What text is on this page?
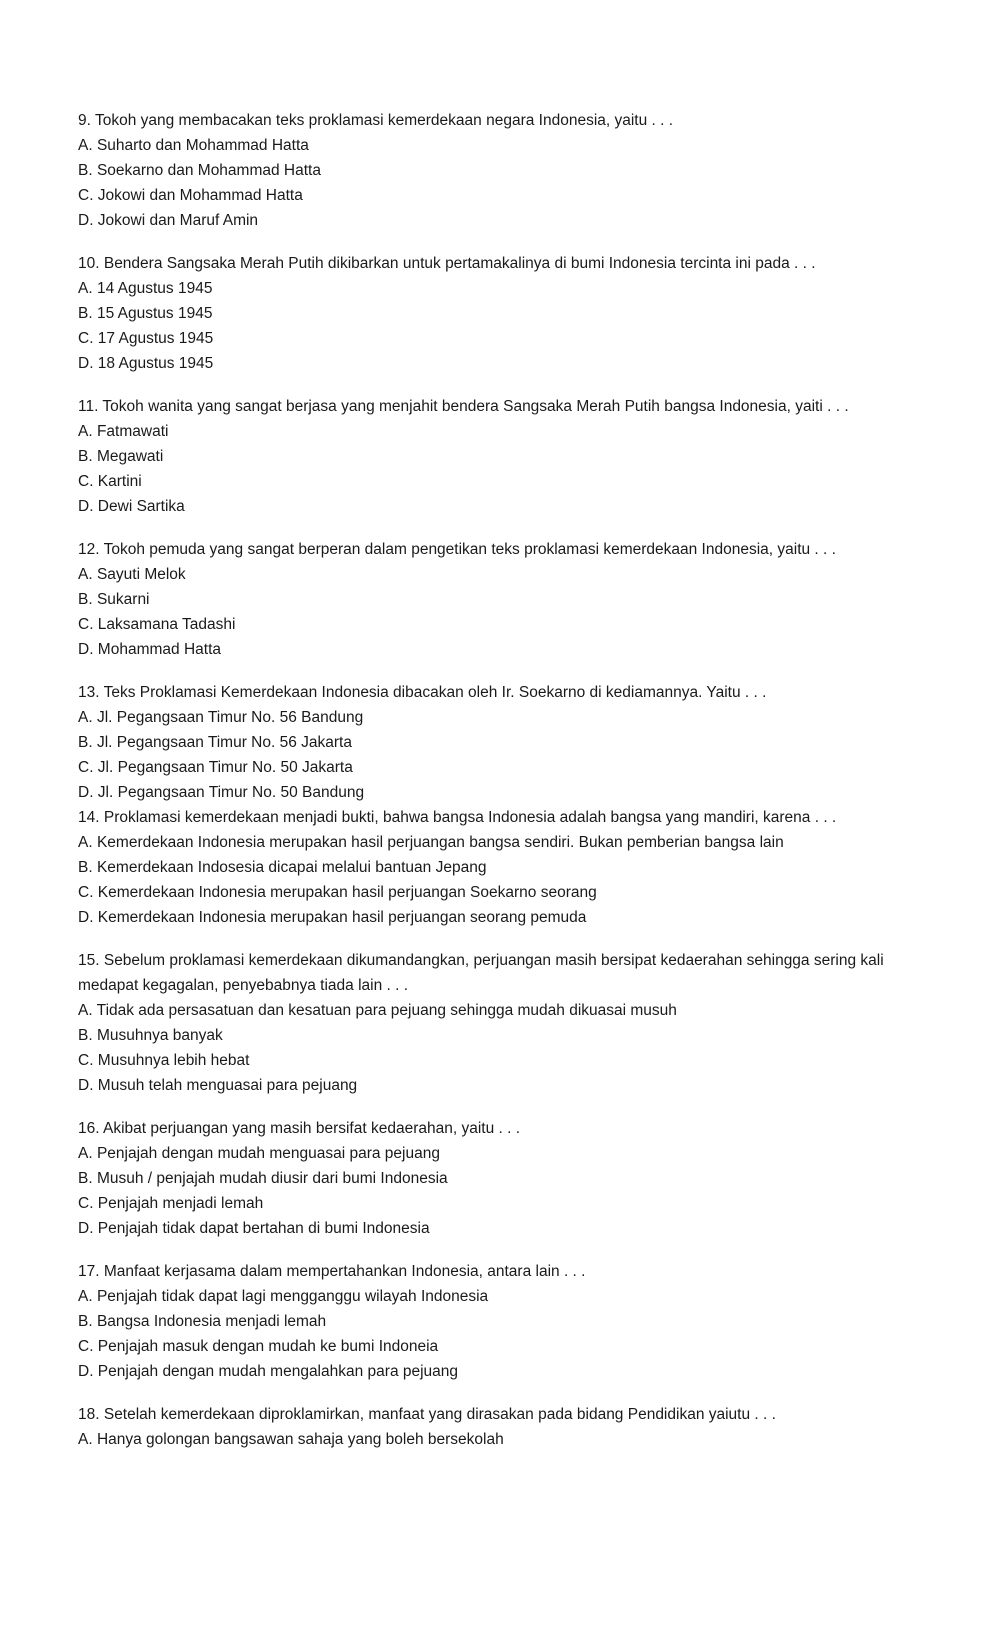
9. Tokoh yang membacakan teks proklamasi kemerdekaan negara Indonesia, yaitu . . .
A. Suharto dan Mohammad Hatta
B. Soekarno dan Mohammad Hatta
C. Jokowi dan Mohammad Hatta
D. Jokowi dan Maruf Amin
10. Bendera Sangsaka Merah Putih dikibarkan untuk pertamakalinya di bumi Indonesia tercinta ini pada . . .
A. 14 Agustus 1945
B. 15 Agustus 1945
C. 17 Agustus 1945
D. 18 Agustus 1945
11. Tokoh wanita yang sangat berjasa yang menjahit bendera Sangsaka Merah Putih bangsa Indonesia, yaiti . . .
A. Fatmawati
B. Megawati
C. Kartini
D. Dewi Sartika
12. Tokoh pemuda yang sangat berperan dalam pengetikan teks proklamasi kemerdekaan Indonesia, yaitu . . .
A. Sayuti Melok
B. Sukarni
C. Laksamana Tadashi
D. Mohammad Hatta
13. Teks Proklamasi Kemerdekaan Indonesia dibacakan oleh Ir. Soekarno di kediamannya. Yaitu . . .
A. Jl. Pegangsaan Timur No. 56 Bandung
B. Jl. Pegangsaan Timur No. 56 Jakarta
C. Jl. Pegangsaan Timur No. 50 Jakarta
D. Jl. Pegangsaan Timur No. 50 Bandung
14. Proklamasi kemerdekaan menjadi bukti, bahwa bangsa Indonesia adalah bangsa yang mandiri, karena . . .
A. Kemerdekaan Indonesia merupakan hasil perjuangan bangsa sendiri. Bukan pemberian bangsa lain
B. Kemerdekaan Indosesia dicapai melalui bantuan Jepang
C. Kemerdekaan Indonesia merupakan hasil perjuangan Soekarno seorang
D. Kemerdekaan Indonesia merupakan hasil perjuangan seorang pemuda
15. Sebelum proklamasi kemerdekaan dikumandangkan, perjuangan masih bersipat kedaerahan sehingga sering kali medapat kegagalan, penyebabnya tiada lain . . .
A. Tidak ada persasatuan dan kesatuan para pejuang sehingga mudah dikuasai musuh
B. Musuhnya banyak
C. Musuhnya lebih hebat
D. Musuh telah menguasai para pejuang
16. Akibat perjuangan yang masih bersifat kedaerahan, yaitu . . .
A. Penjajah dengan mudah menguasai para pejuang
B. Musuh / penjajah mudah diusir dari bumi Indonesia
C. Penjajah menjadi lemah
D. Penjajah tidak dapat bertahan di bumi Indonesia
17. Manfaat kerjasama dalam mempertahankan Indonesia, antara lain . . .
A. Penjajah tidak dapat lagi mengganggu wilayah Indonesia
B. Bangsa Indonesia menjadi lemah
C. Penjajah masuk dengan mudah ke bumi Indoneia
D. Penjajah dengan mudah mengalahkan para pejuang
18. Setelah kemerdekaan diproklamirkan, manfaat yang dirasakan pada bidang Pendidikan yaiutu . . .
A. Hanya golongan bangsawan sahaja yang boleh bersekolah
